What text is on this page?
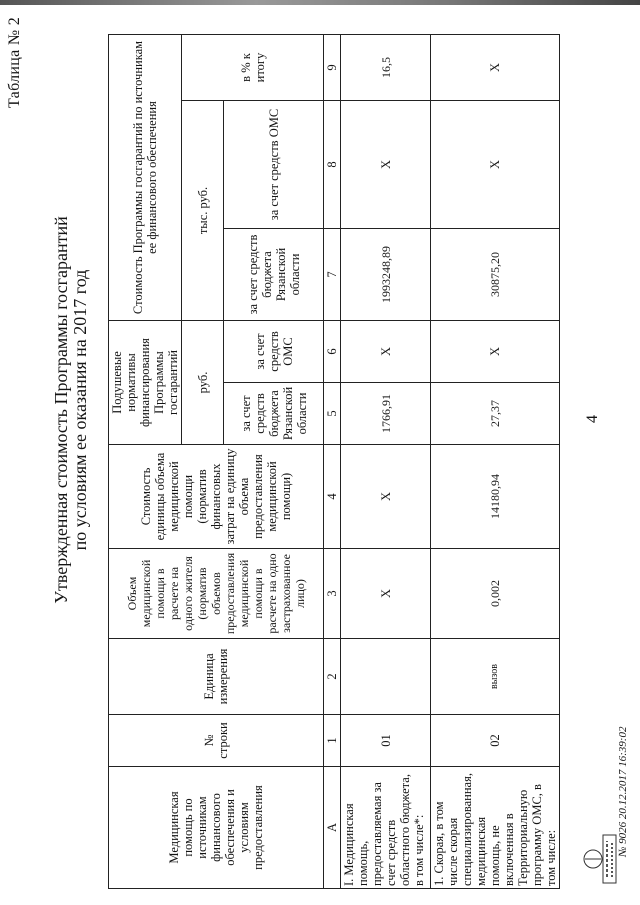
4
Таблица № 2
Утвержденная стоимость Программы госгарантий по условиям ее оказания на 2017 год
Медицинская помощь по источникам финансового обеспечения и условиям предоставления	№ строки	Единица измерения	Объем медицинской помощи в расчете на одного жителя (норматив объемов предоставления медицинской помощи в расчете на одно застрахованное лицо)	Стоимость единицы объема медицинской помощи (норматив финансовых затрат на единицу объема предоставления медицинской помощи)	Подушевые нормативы финансирования Программы госгарантий		Стоимость Программы госгарантий по источникам ее финансового обеспечения		
					руб.		тыс. руб.		в % к итогу
					за счет средств бюджета Рязанской области	за счет средств ОМС	за счет средств бюджета Рязанской области	за счет средств ОМС	
А	1	2	3	4	5	6	7	8	9
I. Медицинская помощь, предоставляемая за счет средств областного бюджета, в том числе*:	01		Х	Х	1766,91	Х	1993248,89	Х	16,5
1. Скорая, в том числе скорая специализированная, медицинская помощь, не включенная в Территориальную программу ОМС, в том числе:	02	вызов	0,002	14180,94	27,37	Х	30875,20	Х	Х
№ 9026 20.12.2017 16:39:02
